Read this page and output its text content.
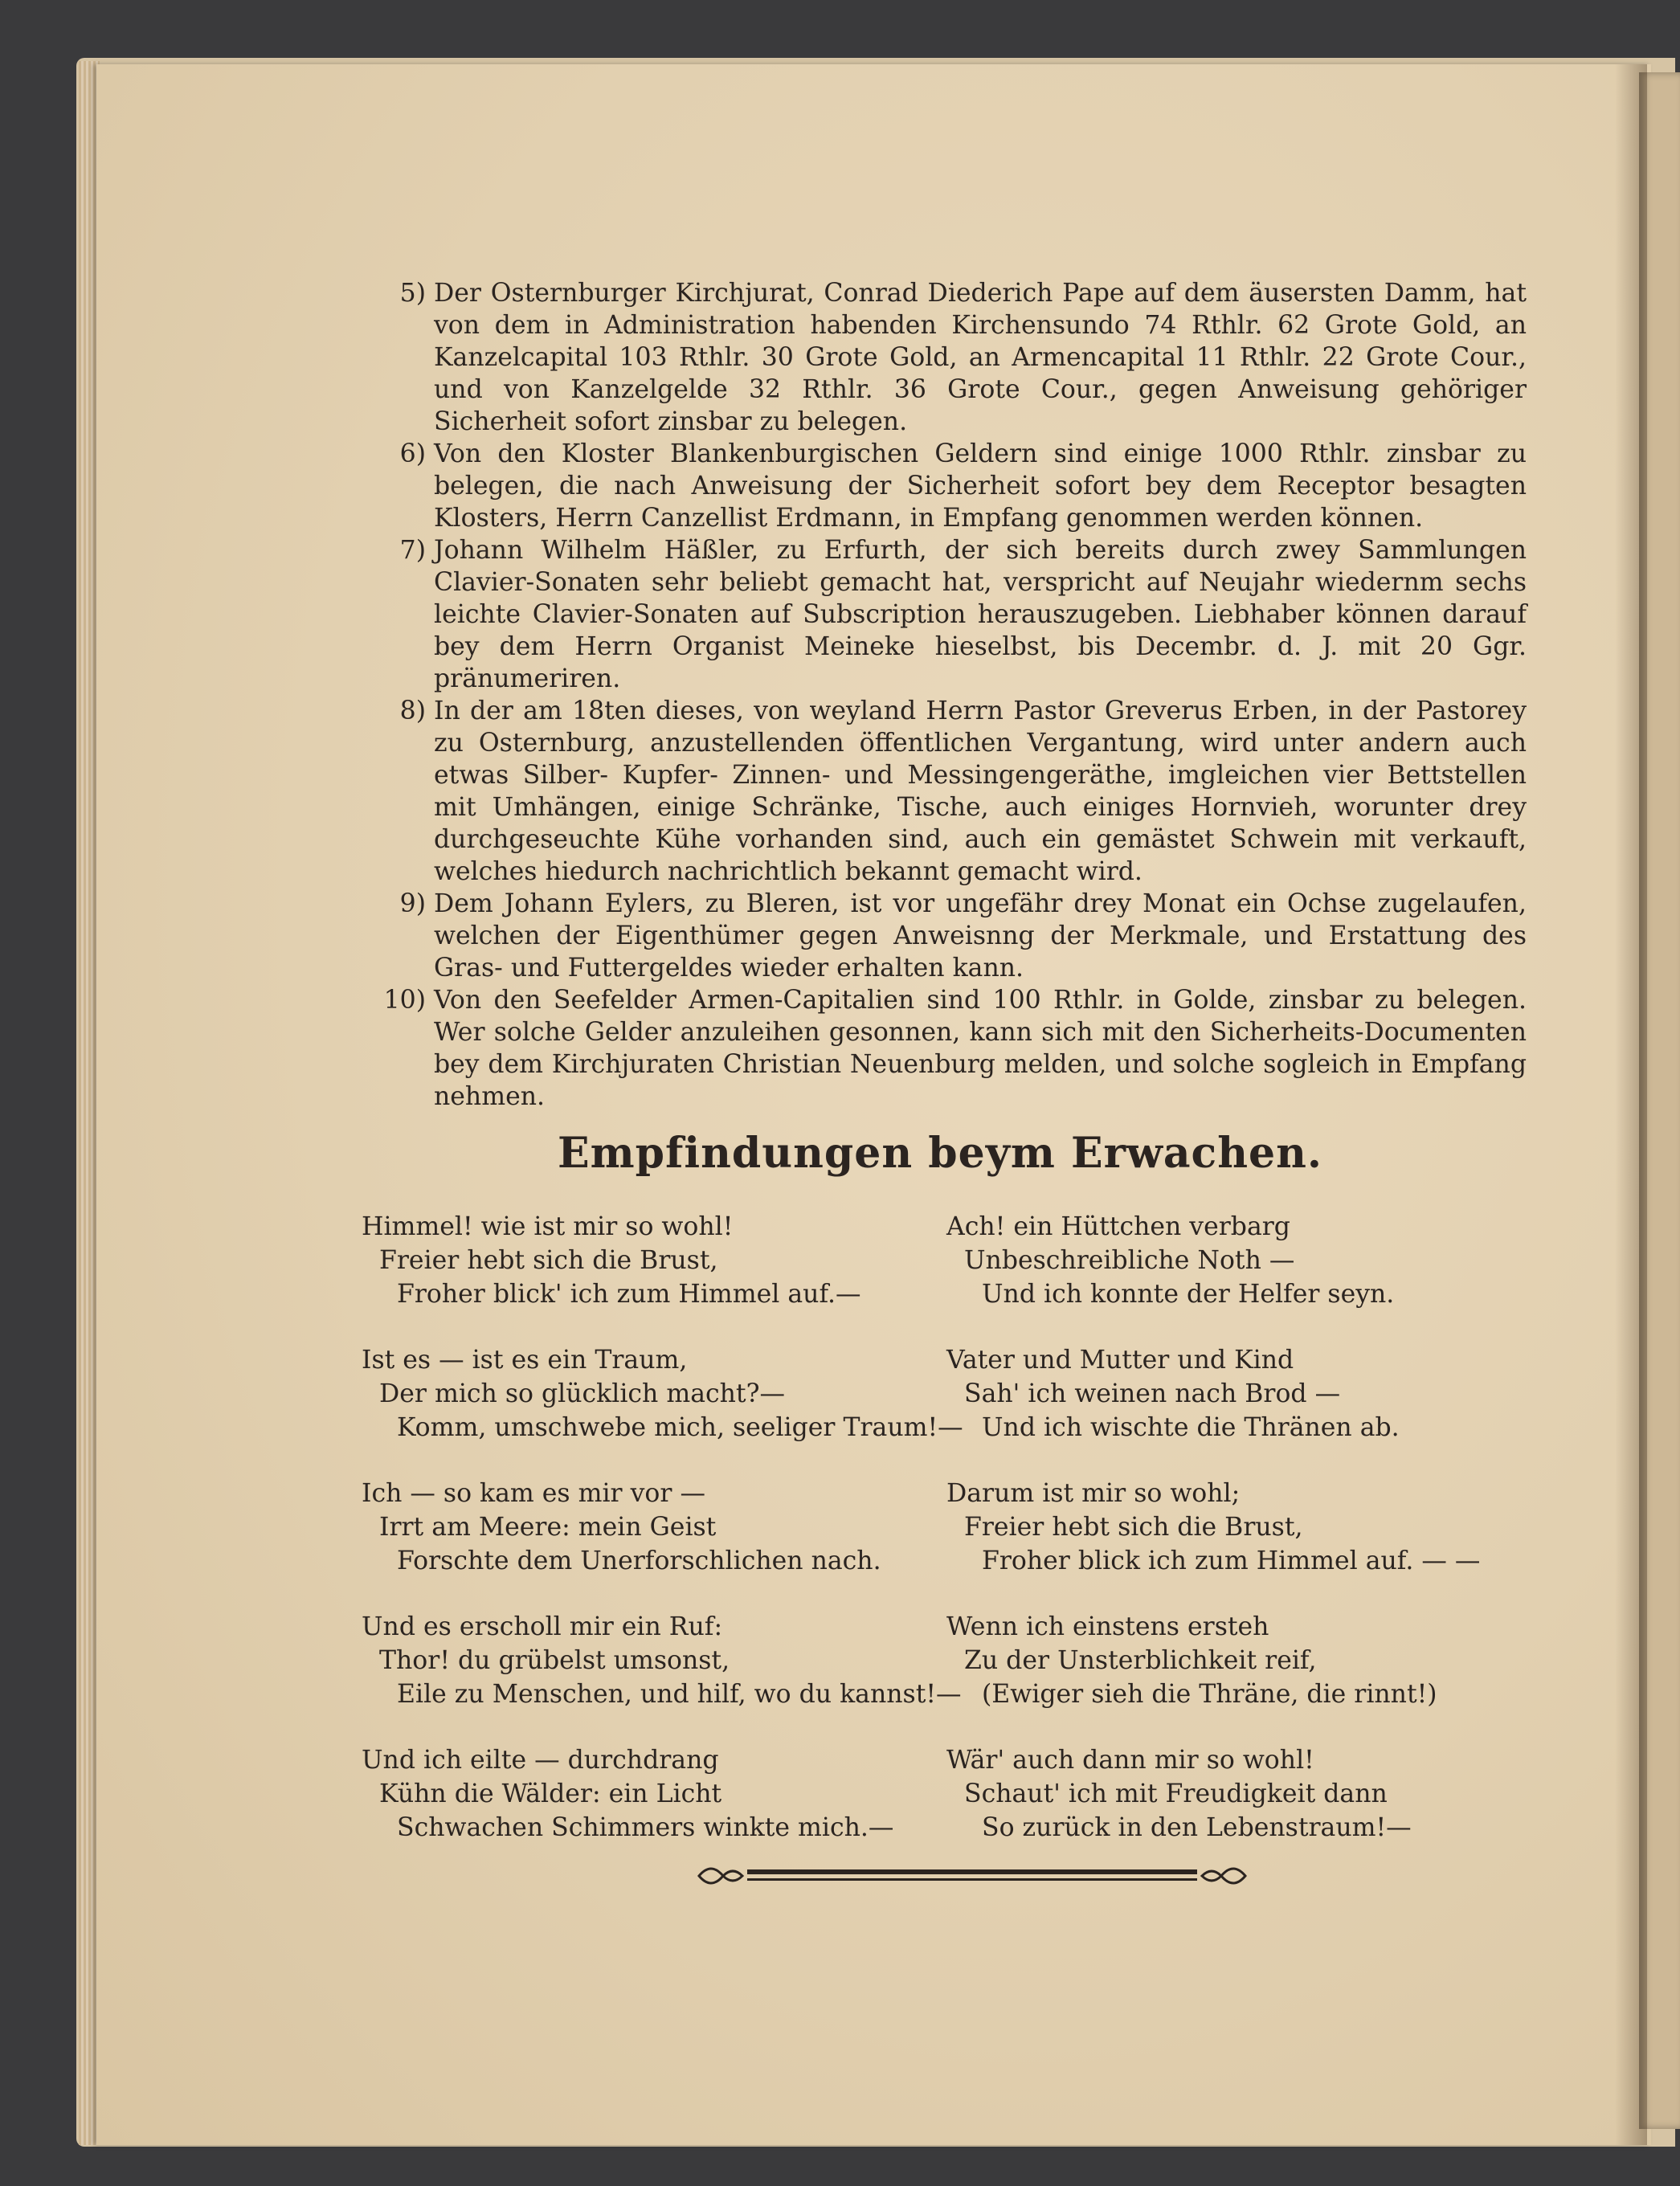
5) Der Osternburger Kirchjurat, Conrad Diederich Pape auf dem äusersten Damm, hat von dem in Administration habenden Kirchensundo 74 Rthlr. 62 Grote Gold, an Kanzelcapital 103 Rthlr. 30 Grote Gold, an Armencapital 11 Rthlr. 22 Grote Cour., und von Kanzelgelde 32 Rthlr. 36 Grote Cour., gegen Anweisung gehöriger Sicherheit sofort zinsbar zu belegen.

6) Von den Kloster Blankenburgischen Geldern sind einige 1000 Rthlr. zinsbar zu belegen, die nach Anweisung der Sicherheit sofort bey dem Receptor besagten Klosters, Herrn Canzellist Erdmann, in Empfang genommen werden können.

7) Johann Wilhelm Häßler, zu Erfurth, der sich bereits durch zwey Sammlungen Clavier-Sonaten sehr beliebt gemacht hat, verspricht auf Neujahr wiedernm sechs leichte Clavier-Sonaten auf Subscription herauszugeben. Liebhaber können darauf bey dem Herrn Organist Meineke hieselbst, bis Decembr. d. J. mit 20 Ggr. pränumeriren.

8) In der am 18ten dieses, von weyland Herrn Pastor Greverus Erben, in der Pastorey zu Osternburg, anzustellenden öffentlichen Vergantung, wird unter andern auch etwas Silber- Kupfer- Zinnen- und Messingengeräthe, imgleichen vier Bettstellen mit Umhängen, einige Schränke, Tische, auch einiges Hornvieh, worunter drey durchgeseuchte Kühe vorhanden sind, auch ein gemästet Schwein mit verkauft, welches hiedurch nachrichtlich bekannt gemacht wird.

9) Dem Johann Eylers, zu Bleren, ist vor ungefähr drey Monat ein Ochse zugelaufen, welchen der Eigenthümer gegen Anweisnng der Merkmale, und Erstattung des Gras- und Futtergeldes wieder erhalten kann.

10) Von den Seefelder Armen-Capitalien sind 100 Rthlr. in Golde, zinsbar zu belegen. Wer solche Gelder anzuleihen gesonnen, kann sich mit den Sicherheits-Documenten bey dem Kirchjuraten Christian Neuenburg melden, und solche sogleich in Empfang nehmen.

Empfindungen beym Erwachen.
Himmel! wie ist mir so wohl!
Freier hebt sich die Brust,
Froher blick' ich zum Himmel auf.—
Ist es — ist es ein Traum,
Der mich so glücklich macht?—
Komm, umschwebe mich, seeliger Traum!—
Ich — so kam es mir vor —
Irrt am Meere: mein Geist
Forschte dem Unerforschlichen nach.
Und es erscholl mir ein Ruf:
Thor! du grübelst umsonst,
Eile zu Menschen, und hilf, wo du kannst!—
Und ich eilte — durchdrang
Kühn die Wälder: ein Licht
Schwachen Schimmers winkte mich.—
Ach! ein Hüttchen verbarg
Unbeschreibliche Noth —
Und ich konnte der Helfer seyn.
Vater und Mutter und Kind
Sah' ich weinen nach Brod —
Und ich wischte die Thränen ab.
Darum ist mir so wohl;
Freier hebt sich die Brust,
Froher blick ich zum Himmel auf. — —
Wenn ich einstens ersteh
Zu der Unsterblichkeit reif,
(Ewiger sieh die Thräne, die rinnt!)
Wär' auch dann mir so wohl!
Schaut' ich mit Freudigkeit dann
So zurück in den Lebenstraum!—
